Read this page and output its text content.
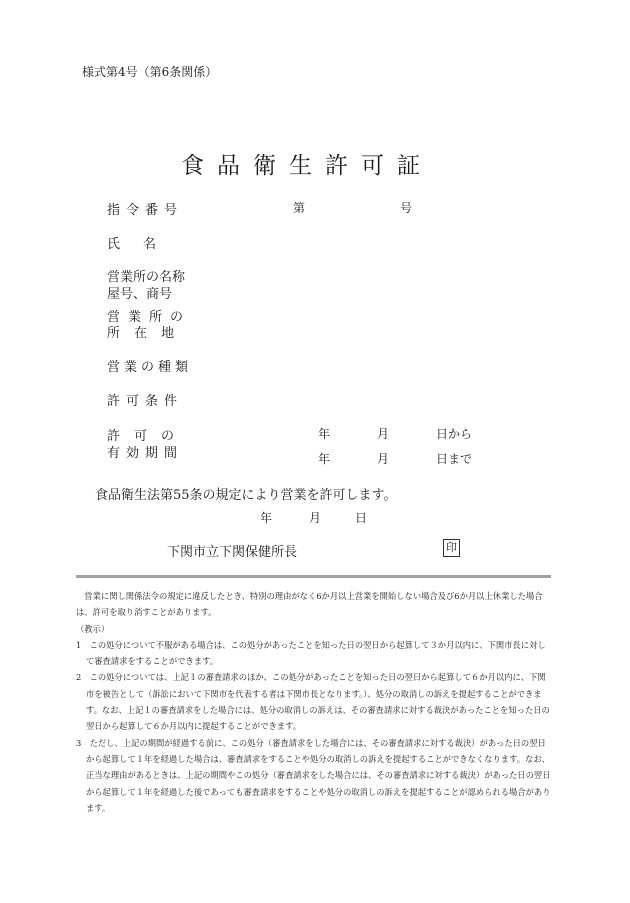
様式第4号（第6条関係）
食品衛生許可証
指令番号	第	号
氏名
営業所の名称
屋号、商号
営業所の
所在地
営業の種類
許可条件
許可の
有効期間
年	月	日から
年	月	日まで
食品衛生法第55条の規定により営業を許可します。
年	月	日
下関市立下関保健所長	印
営業に関し関係法令の規定に違反したとき、特別の理由がなく6か月以上営業を開始しない場合及び6か月以上休業した場合は、許可を取り消すことがあります。
（教示）
1　この処分について不服がある場合は、この処分があったことを知った日の翌日から起算して３か月以内に、下関市長に対して審査請求をすることができます。
2　この処分については、上記１の審査請求のほか、この処分があったことを知った日の翌日から起算して６か月以内に、下関市を被告として（訴訟において下関市を代表する者は下関市長となります。）、処分の取消しの訴えを提起することができます。なお、上記１の審査請求をした場合には、処分の取消しの訴えは、その審査請求に対する裁決があったことを知った日の翌日から起算して６か月以内に提起することができます。
3　ただし、上記の期間が経過する前に、この処分（審査請求をした場合には、その審査請求に対する裁決）があった日の翌日から起算して１年を経過した場合は、審査請求をすることや処分の取消しの訴えを提起することができなくなります。なお、正当な理由があるときは、上記の期間やこの処分（審査請求をした場合には、その審査請求に対する裁決）があった日の翌日から起算して１年を経過した後であっても審査請求をすることや処分の取消しの訴えを提起することが認められる場合があります。
